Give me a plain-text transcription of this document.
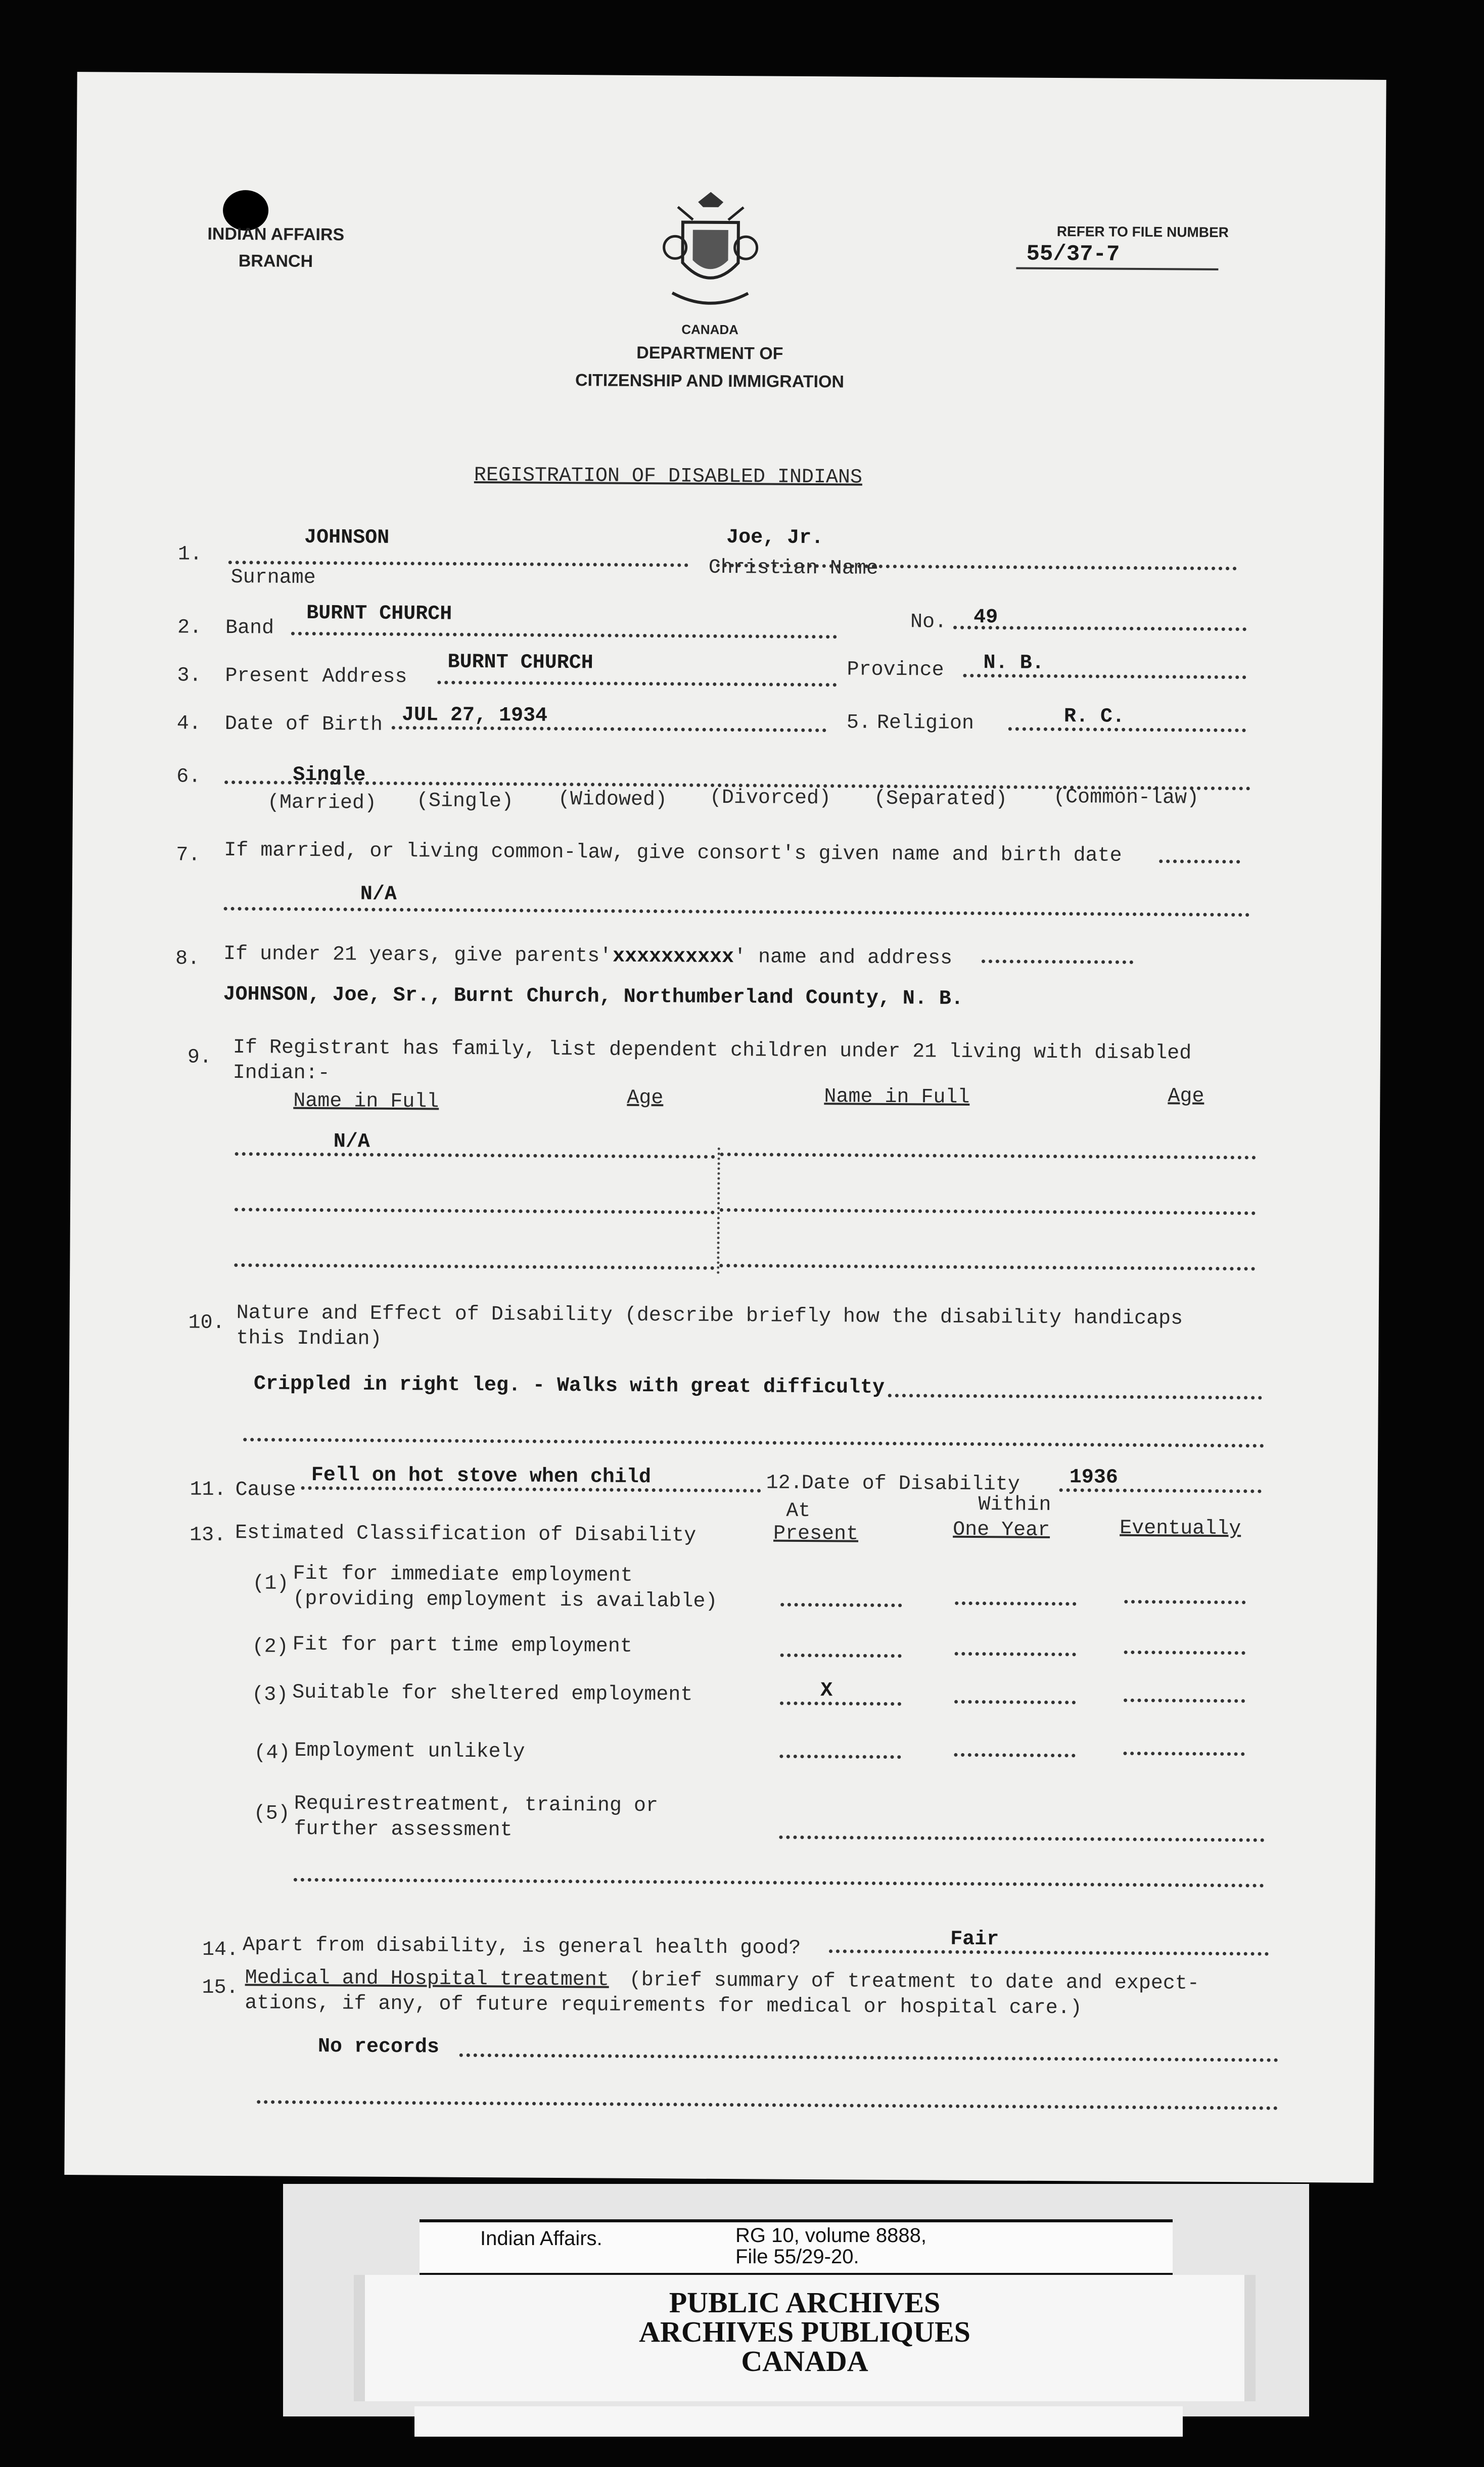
INDIAN AFFAIRS
BRANCH
CANADA
DEPARTMENT OF
CITIZENSHIP AND IMMIGRATION
REFER TO FILE NUMBER
55/37-7
REGISTRATION OF DISABLED INDIANS
1.
JOHNSON
Surname
Joe, Jr.
Christian Name
2. Band
BURNT CHURCH	No. 49
3. Present Address
BURNT CHURCH	Province N. B.
4. Date of Birth JUL 27, 1934	5. Religion	R. C.
6.	Single
(Married) (Single) (Widowed) (Divorced) (Separated) (Common-law)
7. If married, or living common-law, give consort's given name and birth date
N/A
8. If under 21 years, give parents' xxxxxxxxxx ' name and address
JOHNSON, Joe, Sr., Burnt Church, Northumberland County, N. B.
9. If Registrant has family, list dependent children under 21 living with disabled
Indian:-
Name in Full	Age	Name in Full	Age
N/A
10. Nature and Effect of Disability (describe briefly how the disability handicaps
this Indian)
Crippled in right leg. - Walks with great difficulty
11. Cause
Fell on hot stove when child	12.
Date of Disability 1936
13. Estimated Classification of Disability
At
Present
Within
One Year	Eventually
(1) Fit for immediate employment
(providing employment is available)
(2) Fit for part time employment
(3) Suitable for sheltered employment	X
(4) Employment unlikely
(5) Requirestreatment, training or
further assessment
14. Apart from disability, is general health good?	Fair
15. Medical and Hospital treatment (brief summary of treatment to date and expect-
ations, if any, of future requirements for medical or hospital care.)
No records
Indian Affairs.	RG 10, volume 8888,
File 55/29-20.
PUBLIC ARCHIVES
ARCHIVES PUBLIQUES
CANADA
